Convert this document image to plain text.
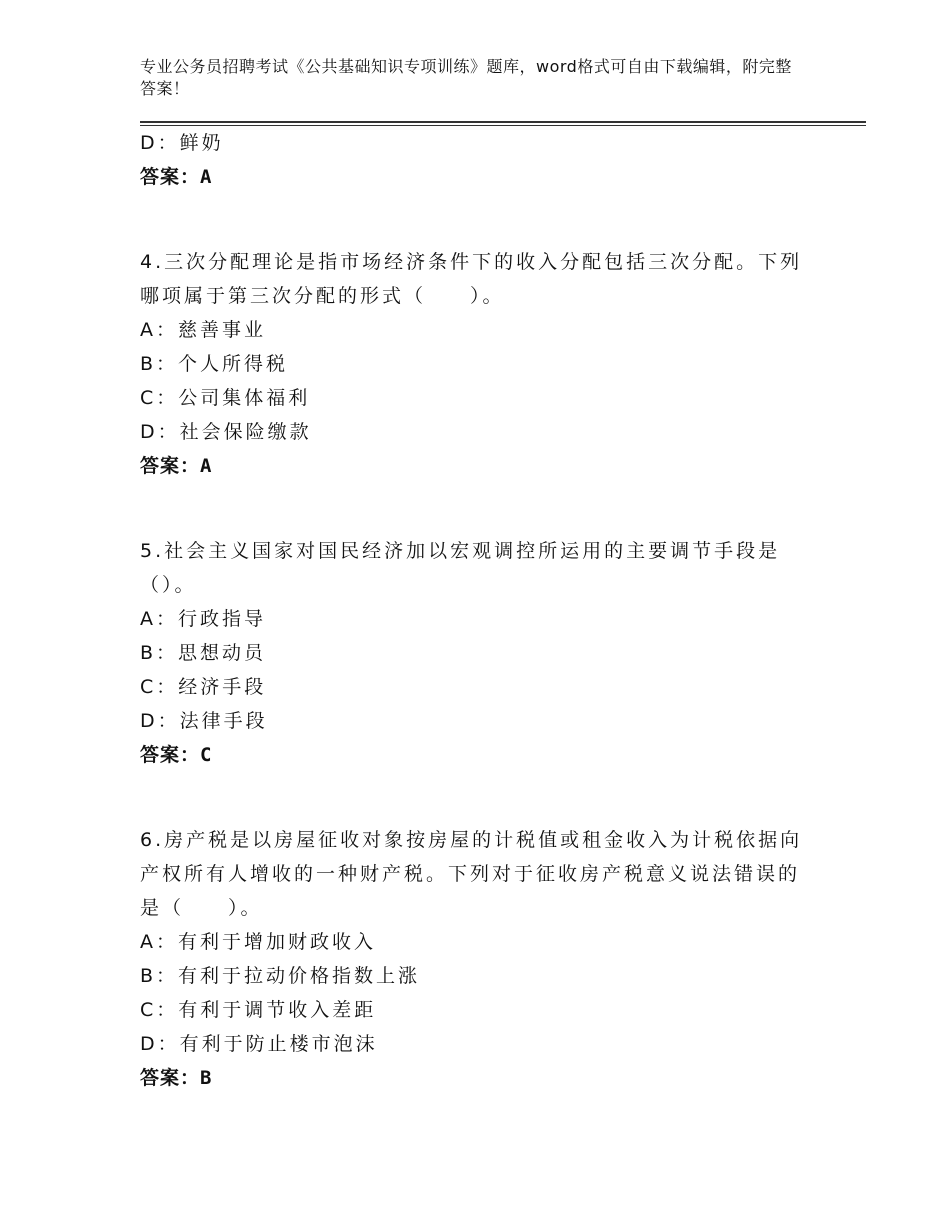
专业公务员招聘考试《公共基础知识专项训练》题库，word格式可自由下载编辑，附完整答案！
D：鲜奶
答案：A
4.三次分配理论是指市场经济条件下的收入分配包括三次分配。下列哪项属于第三次分配的形式（　　）。
A：慈善事业
B：个人所得税
C：公司集体福利
D：社会保险缴款
答案：A
5.社会主义国家对国民经济加以宏观调控所运用的主要调节手段是（）。
A：行政指导
B：思想动员
C：经济手段
D：法律手段
答案：C
6.房产税是以房屋征收对象按房屋的计税值或租金收入为计税依据向产权所有人增收的一种财产税。下列对于征收房产税意义说法错误的是（　　）。
A：有利于增加财政收入
B：有利于拉动价格指数上涨
C：有利于调节收入差距
D：有利于防止楼市泡沫
答案：B
